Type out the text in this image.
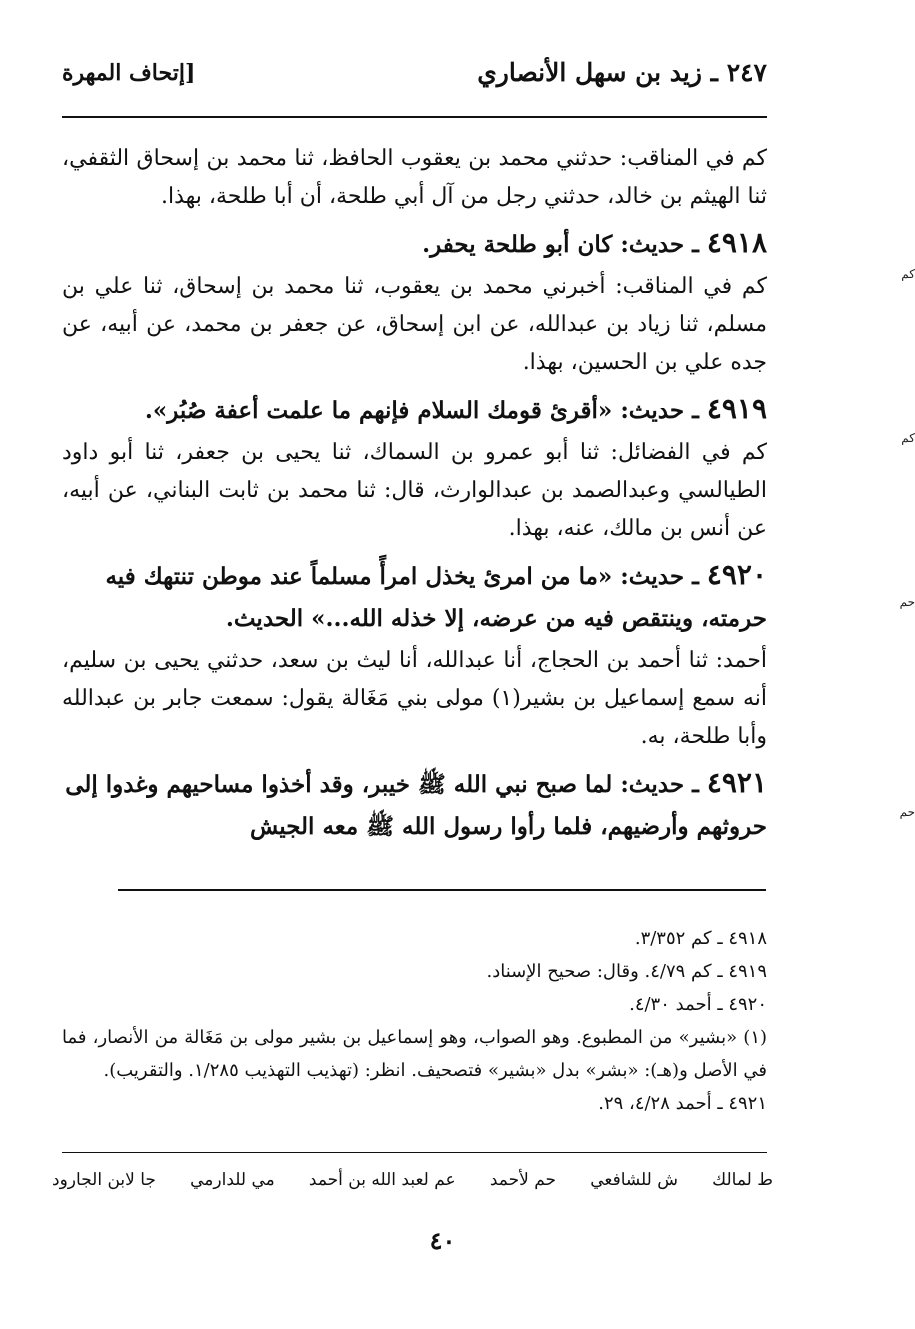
٢٤٧ ـ زيد بن سهل الأنصاري
[إتحاف المهرة
كم
كم
حم
حم

كم في المناقب: حدثني محمد بن يعقوب الحافظ، ثنا محمد بن إسحاق الثقفي، ثنا الهيثم بن خالد، حدثني رجل من آل أبي طلحة، أن أبا طلحة، بهذا.

٤٩١٨ ـ حديث: كان أبو طلحة يحفر.

كم في المناقب: أخبرني محمد بن يعقوب، ثنا محمد بن إسحاق، ثنا علي بن مسلم، ثنا زياد بن عبدالله، عن ابن إسحاق، عن جعفر بن محمد، عن أبيه، عن جده علي بن الحسين، بهذا.

٤٩١٩ ـ حديث: «أقرئ قومك السلام فإنهم ما علمت أعفة صُبُر».

كم في الفضائل: ثنا أبو عمرو بن السماك، ثنا يحيى بن جعفر، ثنا أبو داود الطيالسي وعبدالصمد بن عبدالوارث، قال: ثنا محمد بن ثابت البناني، عن أبيه، عن أنس بن مالك، عنه، بهذا.

٤٩٢٠ ـ حديث: «ما من امرئ يخذل امرأً مسلماً عند موطن تنتهك فيه حرمته، وينتقص فيه من عرضه، إلا خذله الله...» الحديث.

أحمد: ثنا أحمد بن الحجاج، أنا عبدالله، أنا ليث بن سعد، حدثني يحيى بن سليم، أنه سمع إسماعيل بن بشير(١) مولى بني مَغَالة يقول: سمعت جابر بن عبدالله وأبا طلحة، به.

٤٩٢١ ـ حديث: لما صبح نبي الله ﷺ خيبر، وقد أخذوا مساحيهم وغدوا إلى حروثهم وأرضيهم، فلما رأوا رسول الله ﷺ معه الجيش

٤٩١٨ ـ كم ٣/٣٥٢.

٤٩١٩ ـ كم ٤/٧٩. وقال: صحيح الإسناد.

٤٩٢٠ ـ أحمد ٤/٣٠.

(١) «بشير» من المطبوع. وهو الصواب، وهو إسماعيل بن بشير مولى بن مَغَالة من الأنصار، فما في الأصل و(هـ): «بشر» بدل «بشير» فتصحيف. انظر: (تهذيب التهذيب ١/٢٨٥. والتقريب).

٤٩٢١ ـ أحمد ٤/٢٨، ٢٩.

ط لمالك
ش للشافعي
حم لأحمد
عم لعبد الله بن أحمد
مي للدارمي
جا لابن الجارود
٤٠
